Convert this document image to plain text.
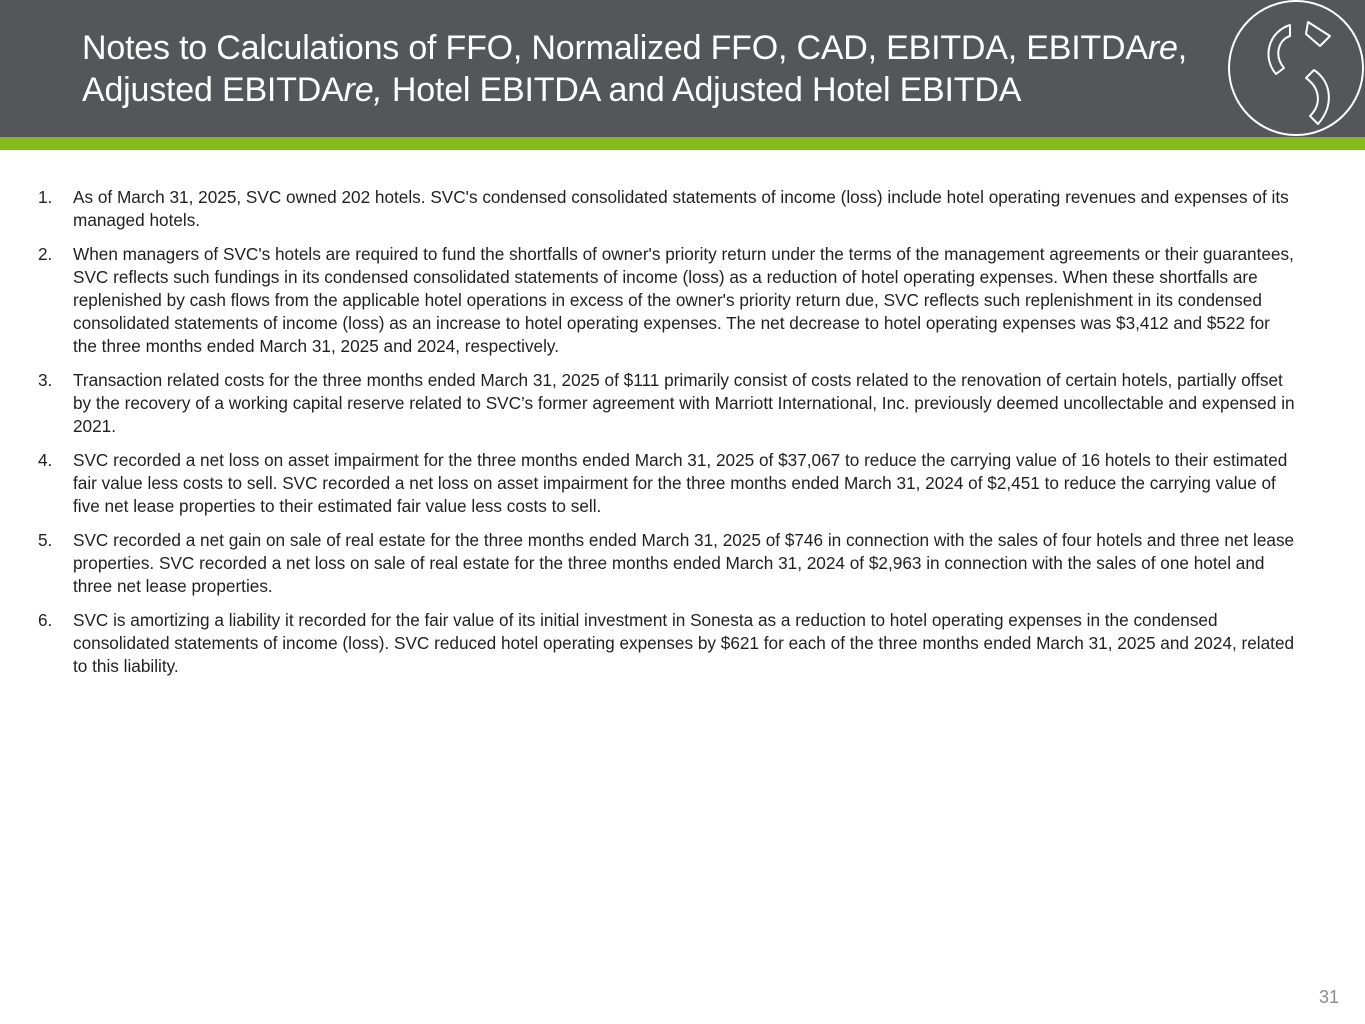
Notes to Calculations of FFO, Normalized FFO, CAD, EBITDA, EBITDAre,
Adjusted EBITDAre, Hotel EBITDA and Adjusted Hotel EBITDA
1. As of March 31, 2025, SVC owned 202 hotels. SVC's condensed consolidated statements of income (loss) include hotel operating revenues and expenses of its managed hotels.
2. When managers of SVC's hotels are required to fund the shortfalls of owner's priority return under the terms of the management agreements or their guarantees, SVC reflects such fundings in its condensed consolidated statements of income (loss) as a reduction of hotel operating expenses. When these shortfalls are replenished by cash flows from the applicable hotel operations in excess of the owner's priority return due, SVC reflects such replenishment in its condensed consolidated statements of income (loss) as an increase to hotel operating expenses. The net decrease to hotel operating expenses was $3,412 and $522 for the three months ended March 31, 2025 and 2024, respectively.
3. Transaction related costs for the three months ended March 31, 2025 of $111 primarily consist of costs related to the renovation of certain hotels, partially offset by the recovery of a working capital reserve related to SVC’s former agreement with Marriott International, Inc. previously deemed uncollectable and expensed in 2021.
4. SVC recorded a net loss on asset impairment for the three months ended March 31, 2025 of $37,067 to reduce the carrying value of 16 hotels to their estimated fair value less costs to sell. SVC recorded a net loss on asset impairment for the three months ended March 31, 2024 of $2,451 to reduce the carrying value of five net lease properties to their estimated fair value less costs to sell.
5. SVC recorded a net gain on sale of real estate for the three months ended March 31, 2025 of $746 in connection with the sales of four hotels and three net lease properties. SVC recorded a net loss on sale of real estate for the three months ended March 31, 2024 of $2,963 in connection with the sales of one hotel and three net lease properties.
6. SVC is amortizing a liability it recorded for the fair value of its initial investment in Sonesta as a reduction to hotel operating expenses in the condensed consolidated statements of income (loss). SVC reduced hotel operating expenses by $621 for each of the three months ended March 31, 2025 and 2024, related to this liability.
31
